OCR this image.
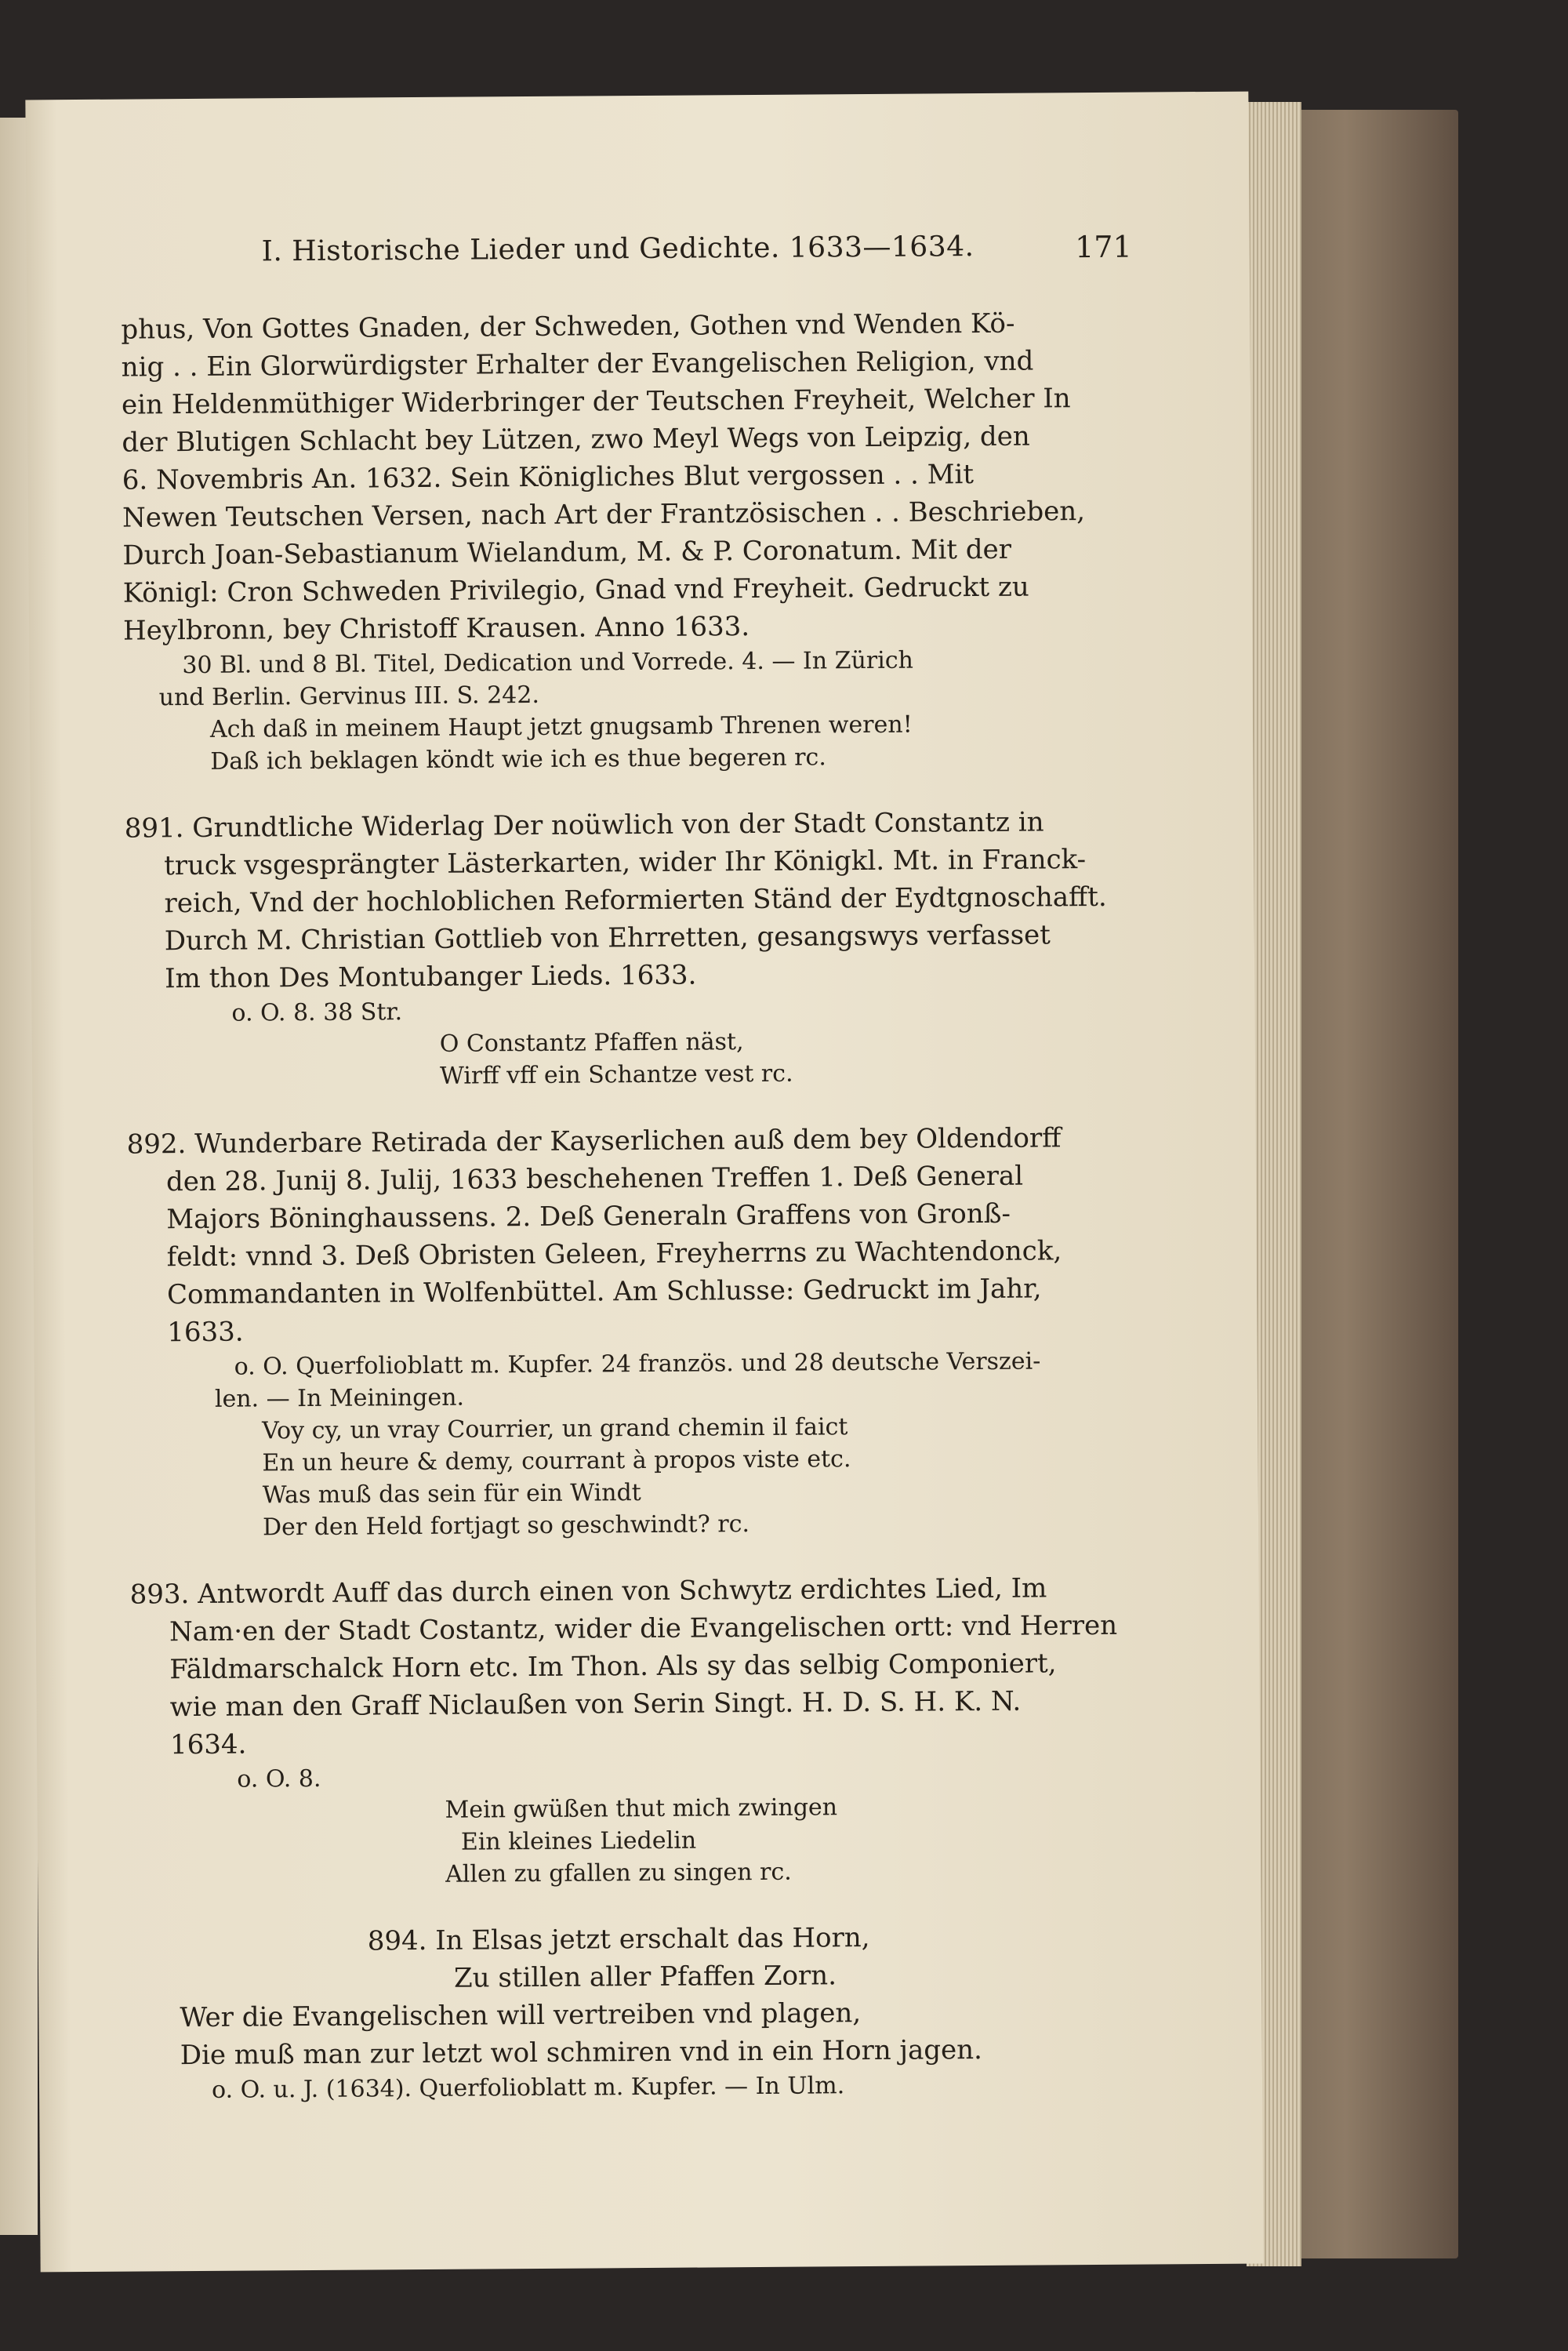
I. Historische Lieder und Gedichte. 1633—1634.	171

phus, Von Gottes Gnaden, der Schweden, Gothen vnd Wenden Kö-

nig . . Ein Glorwürdigster Erhalter der Evangelischen Religion, vnd

ein Heldenmüthiger Widerbringer der Teutschen Freyheit, Welcher In

der Blutigen Schlacht bey Lützen, zwo Meyl Wegs von Leipzig, den

6. Novembris An. 1632. Sein Königliches Blut vergossen . . Mit

Newen Teutschen Versen, nach Art der Frantzösischen . . Beschrieben,

Durch Joan-Sebastianum Wielandum, M. & P. Coronatum. Mit der

Königl: Cron Schweden Privilegio, Gnad vnd Freyheit. Gedruckt zu

Heylbronn, bey Christoff Krausen. Anno 1633.

30 Bl. und 8 Bl. Titel, Dedication und Vorrede. 4. — In Zürich

und Berlin. Gervinus III. S. 242.

Ach daß in meinem Haupt jetzt gnugsamb Threnen weren!

Daß ich beklagen köndt wie ich es thue begeren rc.

891. Grundtliche Widerlag Der noüwlich von der Stadt Constantz in

truck vsgesprängter Lästerkarten, wider Ihr Königkl. Mt. in Franck-

reich, Vnd der hochloblichen Reformierten Ständ der Eydtgnoschafft.

Durch M. Christian Gottlieb von Ehrretten, gesangswys verfasset

Im thon Des Montubanger Lieds. 1633.

o. O. 8. 38 Str.

O Constantz Pfaffen näst,

Wirff vff ein Schantze vest rc.

892. Wunderbare Retirada der Kayserlichen auß dem bey Oldendorff

den 28. Junij 8. Julij, 1633 beschehenen Treffen 1. Deß General

Majors Böninghaussens. 2. Deß Generaln Graffens von Gronß-

feldt: vnnd 3. Deß Obristen Geleen, Freyherrns zu Wachtendonck,

Commandanten in Wolfenbüttel. Am Schlusse: Gedruckt im Jahr,

1633.

o. O. Querfolioblatt m. Kupfer. 24 französ. und 28 deutsche Verszei-

len. — In Meiningen.

Voy cy, un vray Courrier, un grand chemin il faict

En un heure & demy, courrant à propos viste etc.

Was muß das sein für ein Windt

Der den Held fortjagt so geschwindt? rc.

893. Antwordt Auff das durch einen von Schwytz erdichtes Lied, Im

Nam·en der Stadt Costantz, wider die Evangelischen ortt: vnd Herren

Fäldmarschalck Horn etc. Im Thon. Als sy das selbig Componiert,

wie man den Graff Niclaußen von Serin Singt. H. D. S. H. K. N.

1634.

o. O. 8.

Mein gwüßen thut mich zwingen

Ein kleines Liedelin

Allen zu gfallen zu singen rc.

894. In Elsas jetzt erschalt das Horn,

Zu stillen aller Pfaffen Zorn.

Wer die Evangelischen will vertreiben vnd plagen,

Die muß man zur letzt wol schmiren vnd in ein Horn jagen.

o. O. u. J. (1634). Querfolioblatt m. Kupfer. — In Ulm.
